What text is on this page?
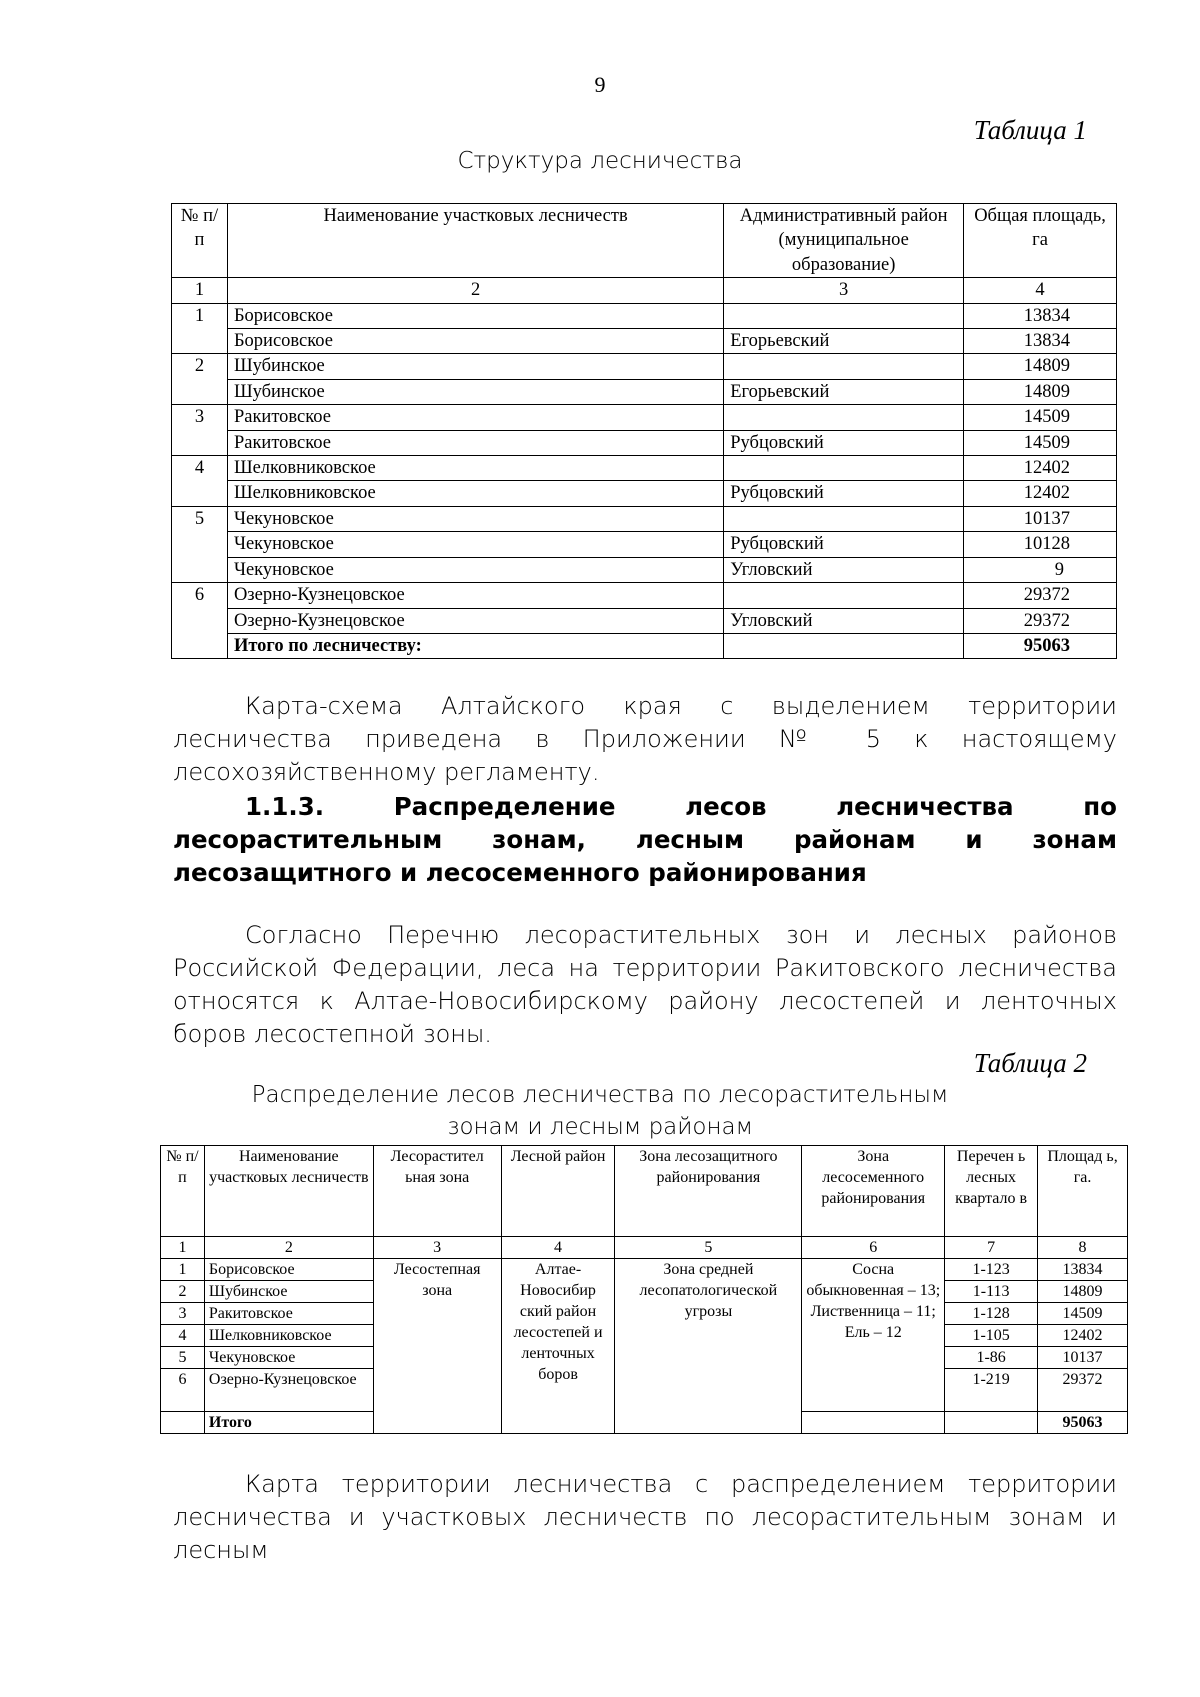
9
Таблица 1
Структура лесничества
№ п/п	Наименование участковых лесничеств	Административный район (муниципальное образование)	Общая площадь, га
1	2	3	4
1	Борисовское		13834
	Борисовское	Егорьевский	13834
2	Шубинское		14809
	Шубинское	Егорьевский	14809
3	Ракитовское		14509
	Ракитовское	Рубцовский	14509
4	Шелковниковское		12402
	Шелковниковское	Рубцовский	12402
5	Чекуновское		10137
	Чекуновское	Рубцовский	10128
	Чекуновское	Угловский	9
6	Озерно-Кузнецовское		29372
	Озерно-Кузнецовское	Угловский	29372
	Итого по лесничеству:		95063
Карта-схема Алтайского края с выделением территории лесничества приведена в Приложении № 5 к настоящему лесохозяйственному регламенту.
1.1.3. Распределение лесов лесничества по лесорастительным зонам, лесным районам и зонам лесозащитного и лесосеменного районирования
Согласно Перечню лесорастительных зон и лесных районов Российской Федерации, леса на территории Ракитовского лесничества относятся к Алтае-Новосибирскому району лесостепей и ленточных боров лесостепной зоны.
Таблица 2
Распределение лесов лесничества по лесорастительным
зонам и лесным районам
№ п/ п	Наименование участковых лесничеств	Лесорастител ьная зона	Лесной район	Зона лесозащитного районирования	Зона лесосеменного районирования	Перечен ь лесных квартало в	Площад ь, га.
1	2	3	4	5	6	7	8
1	Борисовское	Лесостепная зона	Алтае-Новосибир ский район лесостепей и ленточных боров	Зона средней лесопатологической угрозы	Сосна обыкновенная – 13; Лиственница – 11; Ель – 12	1-123	13834
2	Шубинское					1-113	14809
3	Ракитовское					1-128	14509
4	Шелковниковское					1-105	12402
5	Чекуновское					1-86	10137
6	Озерно-Кузнецовское					1-219	29372
	Итого						95063
Карта территории лесничества с распределением территории лесничества и участковых лесничеств по лесорастительным зонам и лесным
